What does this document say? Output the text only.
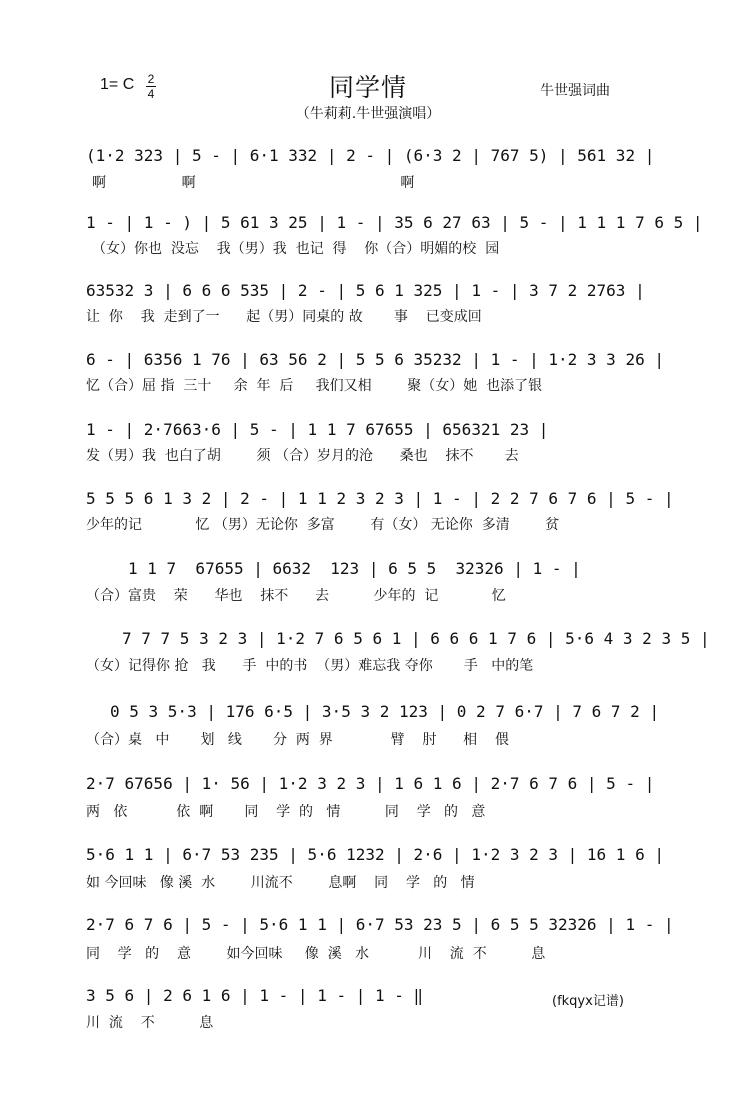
1= C 2
4	同学情
（牛莉莉.牛世强演唱）
牛世强词曲
(1·2 323 | 5 - | 6·1 332 | 2 - | (6·3 2 | 767 5) | 561 32 |
啊                 啊                                              啊
1 - | 1 - ) | 5 61 3 25 | 1 - | 35 6 27 63 | 5 - | 1 1 1 7 6 5 |
（女）你也  没忘    我（男）我  也记  得    你（合）明媚的校  园
63532 3 | 6 6 6 535 | 2 - | 5 6 1 325 | 1 - | 3 7 2 2763 |
让  你    我  走到了一      起（男）同桌的 故       事    已变成回
6 - | 6356 1 76 | 63 56 2 | 5 5 6 35232 | 1 - | 1·2 3 3 26 |
忆（合）屈 指  三十     余  年  后     我们又相        聚（女）她  也添了银
1 - | 2·7663·6 | 5 - | 1 1 7 67655 | 656321 23 |
发（男）我  也白了胡        须 （合）岁月的沧      桑也    抹不       去
5 5 5 6 1 3 2 | 2 - | 1 1 2 3 2 3 | 1 - | 2 2 7 6 7 6 | 5 - |
少年的记            忆 （男）无论你  多富        有（女） 无论你  多清        贫
1 1 7  67655 | 6632  123 | 6 5 5  32326 | 1 - |
（合）富贵    荣      华也    抹不      去          少年的  记            忆
7 7 7 5 3 2 3 | 1·2 7 6 5 6 1 | 6 6 6 1 7 6 | 5·6 4 3 2 3 5 |
（女）记得你 抢   我      手  中的书  （男）难忘我 夺你       手   中的笔
0 5 3 5·3 | 176 6·5 | 3·5 3 2 123 | 0 2 7 6·7 | 7 6 7 2 |
（合）桌   中       划   线       分  两  界             臂    肘      相    偎
2·7 67656 | 1· 56 | 1·2 3 2 3 | 1 6 1 6 | 2·7 6 7 6 | 5 - |
两   依           依  啊       同    学  的   情          同    学   的   意
5·6 1 1 | 6·7 53 235 | 5·6 1232 | 2·6 | 1·2 3 2 3 | 16 1 6 |
如 今回味   像 溪  水        川流不        息啊    同    学   的   情
2·7 6 7 6 | 5 - | 5·6 1 1 | 6·7 53 23 5 | 6 5 5 32326 | 1 - |
同    学   的    意        如今回味     像  溪   水           川    流  不          息
3 5 6 | 2 6 1 6 | 1 - | 1 - | 1 - ‖
川  流    不          息
(fkqyx记谱)
